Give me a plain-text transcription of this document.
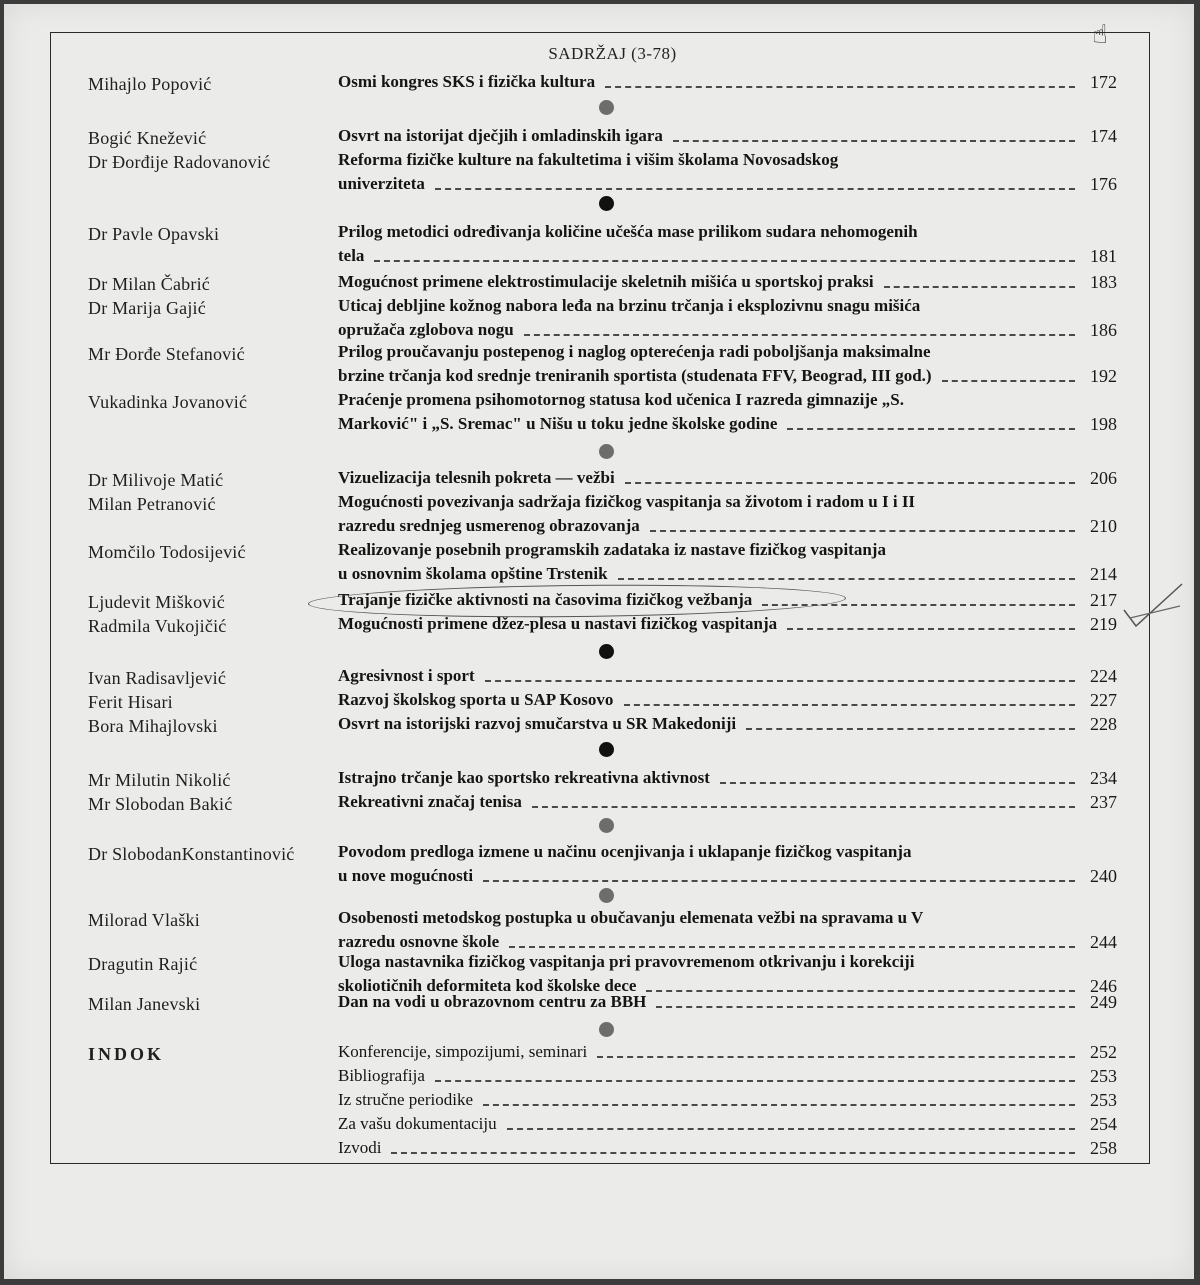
☝
SADRŽAJ (3-78)
Mihajlo Popović	Osmi kongres SKS i fizička kultura	172
Bogić Knežević	Osvrt na istorijat dječjih i omladinskih igara	174
Dr Đorđije Radovanović	Reforma fizičke kulture na fakultetima i višim školama Novosadskog
univerziteta	176
Dr Pavle Opavski	Prilog metodici određivanja količine učešća mase prilikom sudara nehomogenih
tela	181
Dr Milan Čabrić	Mogućnost primene elektrostimulacije skeletnih mišića u sportskoj praksi	183
Dr Marija Gajić	Uticaj debljine kožnog nabora leđa na brzinu trčanja i eksplozivnu snagu mišića
opružača zglobova nogu	186
Mr Đorđe Stefanović	Prilog proučavanju postepenog i naglog opterećenja radi poboljšanja maksimalne
brzine trčanja kod srednje treniranih sportista (studenata FFV, Beograd, III god.)	192
Vukadinka Jovanović	Praćenje promena psihomotornog statusa kod učenica I razreda gimnazije „S.
Marković" i „S. Sremac" u Nišu u toku jedne školske godine	198
Dr Milivoje Matić	Vizuelizacija telesnih pokreta — vežbi	206
Milan Petranović	Mogućnosti povezivanja sadržaja fizičkog vaspitanja sa životom i radom u I i II
razredu srednjeg usmerenog obrazovanja	210
Momčilo Todosijević	Realizovanje posebnih programskih zadataka iz nastave fizičkog vaspitanja
u osnovnim školama opštine Trstenik	214
Ljudevit Mišković	Trajanje fizičke aktivnosti na časovima fizičkog vežbanja	217
Radmila Vukojičić	Mogućnosti primene džez-plesa u nastavi fizičkog vaspitanja	219
Ivan Radisavljević	Agresivnost i sport	224
Ferit Hisari	Razvoj školskog sporta u SAP Kosovo	227
Bora Mihajlovski	Osvrt na istorijski razvoj smučarstva u SR Makedoniji	228
Mr Milutin Nikolić	Istrajno trčanje kao sportsko rekreativna aktivnost	234
Mr Slobodan Bakić	Rekreativni značaj tenisa	237
Dr SlobodanKonstantinović	Povodom predloga izmene u načinu ocenjivanja i uklapanje fizičkog vaspitanja
u nove mogućnosti	240
Milorad Vlaški	Osobenosti metodskog postupka u obučavanju elemenata vežbi na spravama u V
razredu osnovne škole	244
Dragutin Rajić	Uloga nastavnika fizičkog vaspitanja pri pravovremenom otkrivanju i korekciji
skoliotičnih deformiteta kod školske dece	246
Milan Janevski	Dan na vodi u obrazovnom centru za BBH	249
INDOK	Konferencije, simpozijumi, seminari	252
Bibliografija	253
Iz stručne periodike	253
Za vašu dokumentaciju	254
Izvodi	258
